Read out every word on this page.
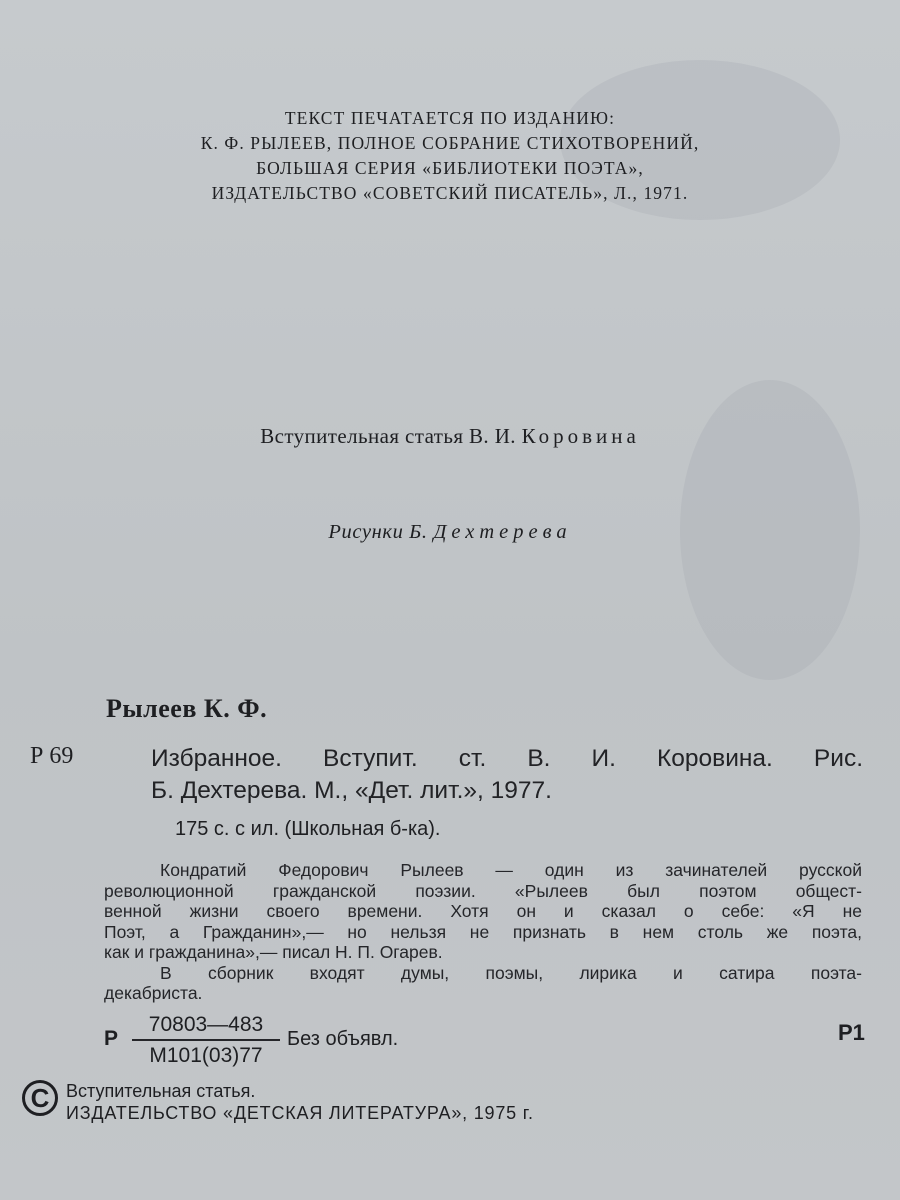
ТЕКСТ ПЕЧАТАЕТСЯ ПО ИЗДАНИЮ:
К. Ф. РЫЛЕЕВ, ПОЛНОЕ СОБРАНИЕ СТИХОТВОРЕНИЙ,
БОЛЬШАЯ СЕРИЯ «БИБЛИОТЕКИ ПОЭТА»,
ИЗДАТЕЛЬСТВО «СОВЕТСКИЙ ПИСАТЕЛЬ», Л., 1971.
Вступительная статья В. И. Коровина
Рисунки Б. Дехтерева
Рылеев К. Ф.
Р 69	Избранное. Вступит. ст. В. И. Коровина. Рис.
Б. Дехтерева. М., «Дет. лит.», 1977.
175 с. с ил. (Школьная б-ка).
Кондратий Федорович Рылеев — один из зачинателей русской
революционной гражданской поэзии. «Рылеев был поэтом общест-
венной жизни своего времени. Хотя он и сказал о себе: «Я не
Поэт, а Гражданин»,— но нельзя не признать в нем столь же поэта,
как и гражданина»,— писал Н. П. Огарев.
В сборник входят думы, поэмы, лирика и сатира поэта-
декабриста.
Р
70803—483
М101(03)77
Без объявл.	Р1
C Вступительная статья.
ИЗДАТЕЛЬСТВО «ДЕТСКАЯ ЛИТЕРАТУРА», 1975 г.
